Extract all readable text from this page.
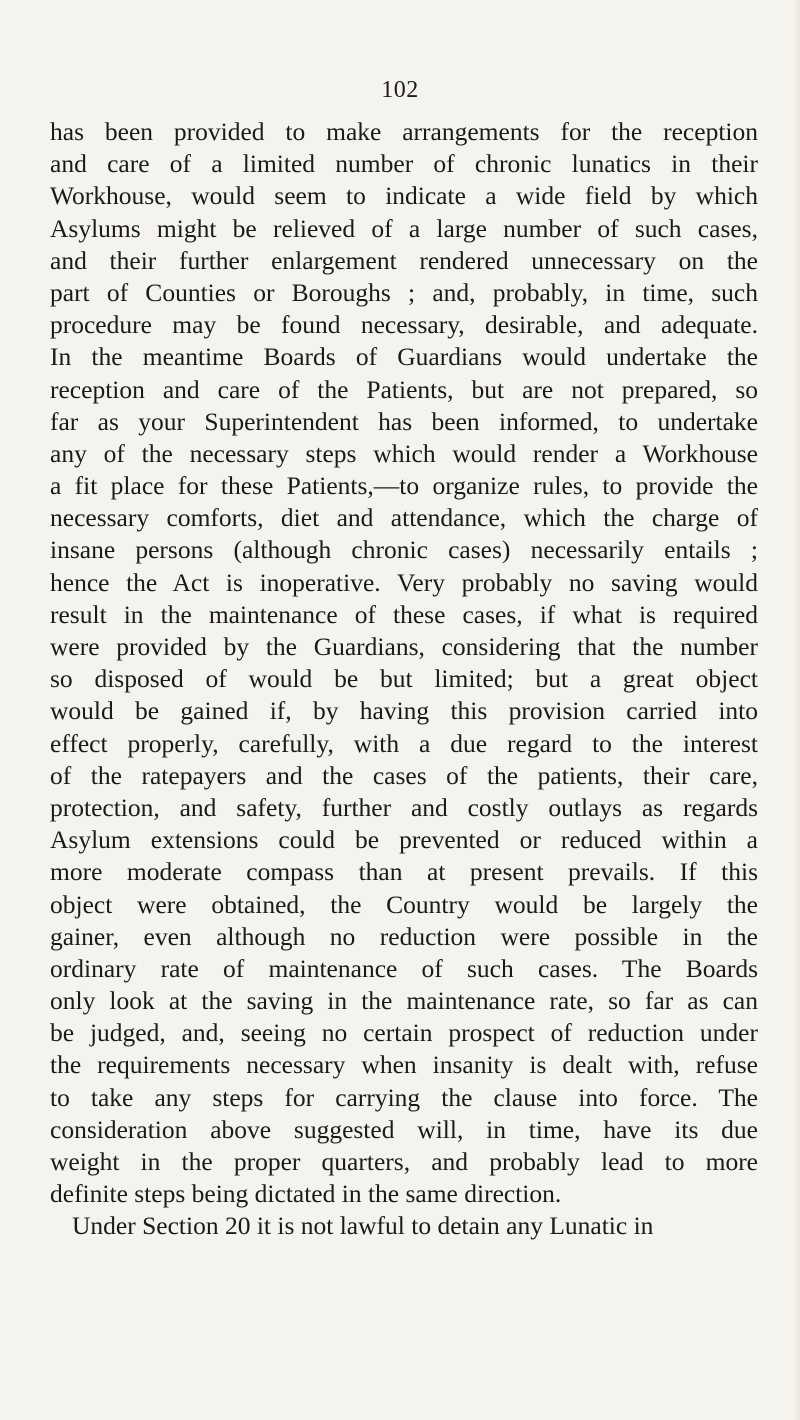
102
has been provided to make arrangements for the reception
and care of a limited number of chronic lunatics in their
Workhouse, would seem to indicate a wide field by which
Asylums might be relieved of a large number of such cases,
and their further enlargement rendered unnecessary on the
part of Counties or Boroughs ; and, probably, in time, such
procedure may be found necessary, desirable, and adequate.
In the meantime Boards of Guardians would undertake the
reception and care of the Patients, but are not prepared, so
far as your Superintendent has been informed, to undertake
any of the necessary steps which would render a Workhouse
a fit place for these Patients,—to organize rules, to provide the
necessary comforts, diet and attendance, which the charge of
insane persons (although chronic cases) necessarily entails ;
hence the Act is inoperative. Very probably no saving would
result in the maintenance of these cases, if what is required
were provided by the Guardians, considering that the number
so disposed of would be but limited; but a great object
would be gained if, by having this provision carried into
effect properly, carefully, with a due regard to the interest
of the ratepayers and the cases of the patients, their care,
protection, and safety, further and costly outlays as regards
Asylum extensions could be prevented or reduced within a
more moderate compass than at present prevails. If this
object were obtained, the Country would be largely the
gainer, even although no reduction were possible in the
ordinary rate of maintenance of such cases. The Boards
only look at the saving in the maintenance rate, so far as can
be judged, and, seeing no certain prospect of reduction under
the requirements necessary when insanity is dealt with, refuse
to take any steps for carrying the clause into force. The
consideration above suggested will, in time, have its due
weight in the proper quarters, and probably lead to more
definite steps being dictated in the same direction.
Under Section 20 it is not lawful to detain any Lunatic in
